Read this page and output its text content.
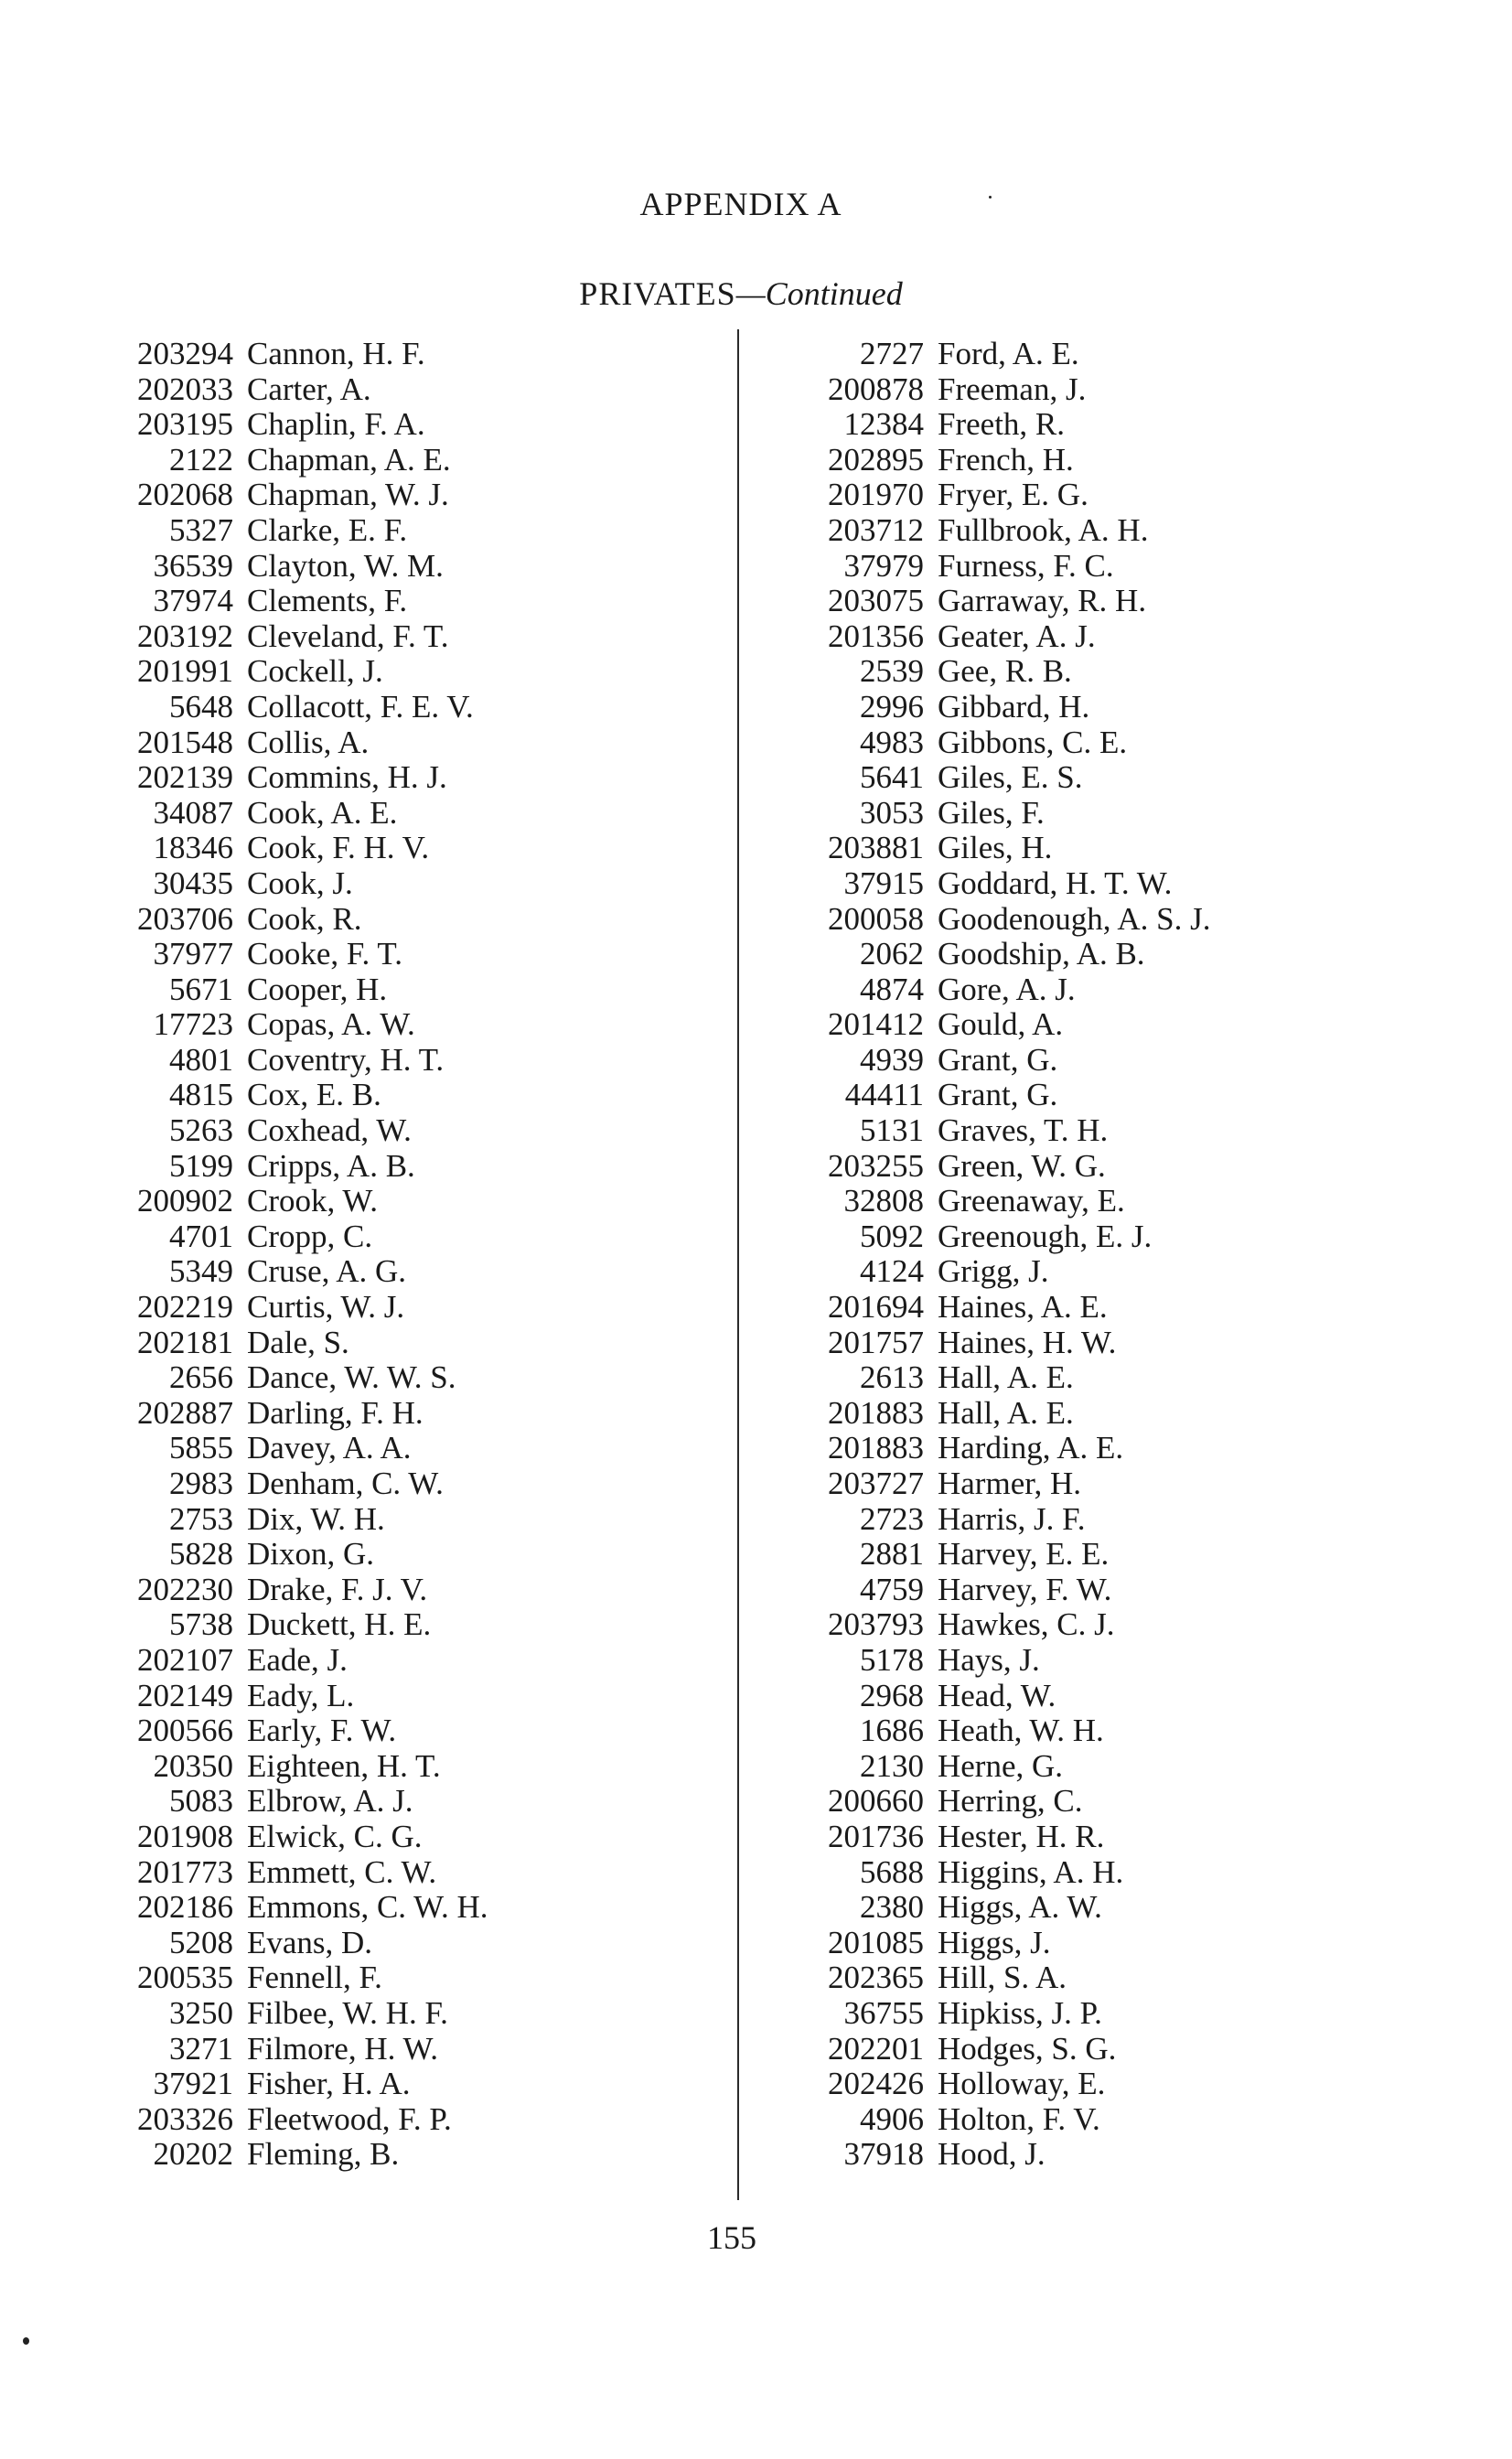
APPENDIX A
PRIVATES—Continued
203294 Cannon, H. F.
202033 Carter, A.
203195 Chaplin, F. A.
2122 Chapman, A. E.
202068 Chapman, W. J.
5327 Clarke, E. F.
36539 Clayton, W. M.
37974 Clements, F.
203192 Cleveland, F. T.
201991 Cockell, J.
5648 Collacott, F. E. V.
201548 Collis, A.
202139 Commins, H. J.
34087 Cook, A. E.
18346 Cook, F. H. V.
30435 Cook, J.
203706 Cook, R.
37977 Cooke, F. T.
5671 Cooper, H.
17723 Copas, A. W.
4801 Coventry, H. T.
4815 Cox, E. B.
5263 Coxhead, W.
5199 Cripps, A. B.
200902 Crook, W.
4701 Cropp, C.
5349 Cruse, A. G.
202219 Curtis, W. J.
202181 Dale, S.
2656 Dance, W. W. S.
202887 Darling, F. H.
5855 Davey, A. A.
2983 Denham, C. W.
2753 Dix, W. H.
5828 Dixon, G.
202230 Drake, F. J. V.
5738 Duckett, H. E.
202107 Eade, J.
202149 Eady, L.
200566 Early, F. W.
20350 Eighteen, H. T.
5083 Elbrow, A. J.
201908 Elwick, C. G.
201773 Emmett, C. W.
202186 Emmons, C. W. H.
5208 Evans, D.
200535 Fennell, F.
3250 Filbee, W. H. F.
3271 Filmore, H. W.
37921 Fisher, H. A.
203326 Fleetwood, F. P.
20202 Fleming, B.
2727 Ford, A. E.
200878 Freeman, J.
12384 Freeth, R.
202895 French, H.
201970 Fryer, E. G.
203712 Fullbrook, A. H.
37979 Furness, F. C.
203075 Garraway, R. H.
201356 Geater, A. J.
2539 Gee, R. B.
2996 Gibbard, H.
4983 Gibbons, C. E.
5641 Giles, E. S.
3053 Giles, F.
203881 Giles, H.
37915 Goddard, H. T. W.
200058 Goodenough, A. S. J.
2062 Goodship, A. B.
4874 Gore, A. J.
201412 Gould, A.
4939 Grant, G.
44411 Grant, G.
5131 Graves, T. H.
203255 Green, W. G.
32808 Greenaway, E.
5092 Greenough, E. J.
4124 Grigg, J.
201694 Haines, A. E.
201757 Haines, H. W.
2613 Hall, A. E.
201883 Hall, A. E.
201883 Harding, A. E.
203727 Harmer, H.
2723 Harris, J. F.
2881 Harvey, E. E.
4759 Harvey, F. W.
203793 Hawkes, C. J.
5178 Hays, J.
2968 Head, W.
1686 Heath, W. H.
2130 Herne, G.
200660 Herring, C.
201736 Hester, H. R.
5688 Higgins, A. H.
2380 Higgs, A. W.
201085 Higgs, J.
202365 Hill, S. A.
36755 Hipkiss, J. P.
202201 Hodges, S. G.
202426 Holloway, E.
4906 Holton, F. V.
37918 Hood, J.
155
